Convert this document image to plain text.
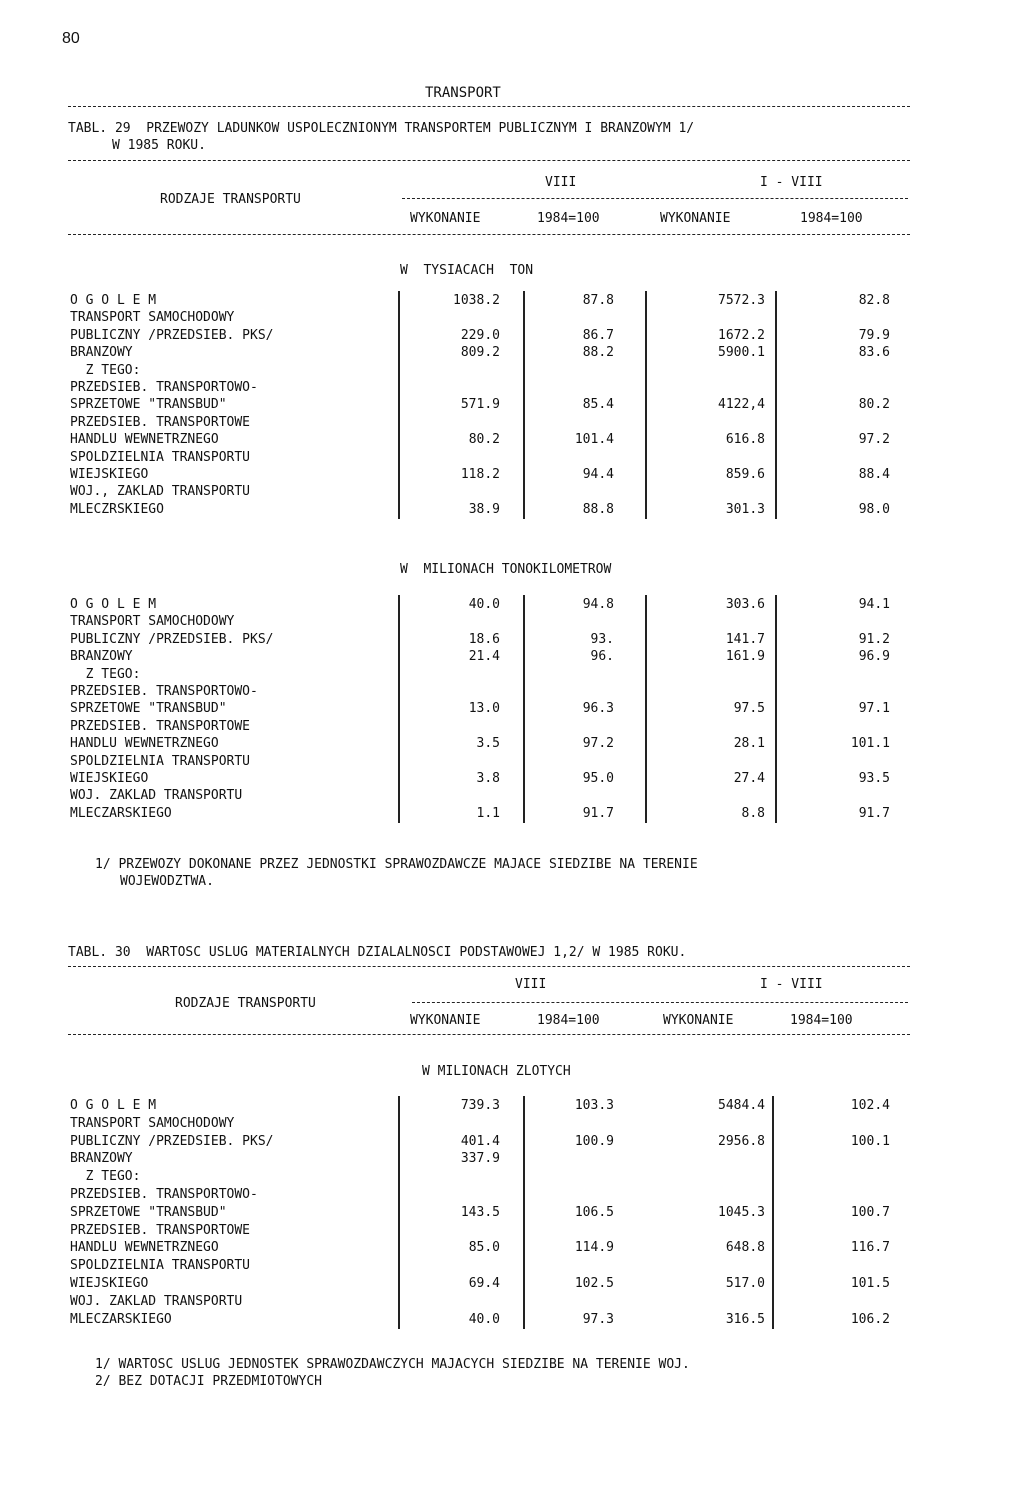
80
TRANSPORT
TABL. 29  PRZEWOZY LADUNKOW USPOLECZNIONYM TRANSPORTEM PUBLICZNYM I BRANZOWYM 1/
W 1985 ROKU.
VIII	I - VIII
RODZAJE TRANSPORTU
WYKONANIE	1984=100	WYKONANIE	1984=100
W  TYSIACACH  TON
O G O L E M	1038.2	87.8	7572.3	82.8
TRANSPORT SAMOCHODOWY
PUBLICZNY /PRZEDSIEB. PKS/	229.0	86.7	1672.2	79.9
BRANZOWY	809.2	88.2	5900.1	83.6
Z TEGO:
PRZEDSIEB. TRANSPORTOWO-
SPRZETOWE "TRANSBUD"	571.9	85.4	4122,4	80.2
PRZEDSIEB. TRANSPORTOWE
HANDLU WEWNETRZNEGO	80.2	101.4	616.8	97.2
SPOLDZIELNIA TRANSPORTU
WIEJSKIEGO	118.2	94.4	859.6	88.4
WOJ., ZAKLAD TRANSPORTU
MLECZRSKIEGO	38.9	88.8	301.3	98.0
W  MILIONACH TONOKILOMETROW
O G O L E M	40.0	94.8	303.6	94.1
TRANSPORT SAMOCHODOWY
PUBLICZNY /PRZEDSIEB. PKS/	18.6	93.	141.7	91.2
BRANZOWY	21.4	96.	161.9	96.9
Z TEGO:
PRZEDSIEB. TRANSPORTOWO-
SPRZETOWE "TRANSBUD"	13.0	96.3	97.5	97.1
PRZEDSIEB. TRANSPORTOWE
HANDLU WEWNETRZNEGO	3.5	97.2	28.1	101.1
SPOLDZIELNIA TRANSPORTU
WIEJSKIEGO	3.8	95.0	27.4	93.5
WOJ. ZAKLAD TRANSPORTU
MLECZARSKIEGO	1.1	91.7	8.8	91.7
1/ PRZEWOZY DOKONANE PRZEZ JEDNOSTKI SPRAWOZDAWCZE MAJACE SIEDZIBE NA TERENIE
WOJEWODZTWA.
TABL. 30  WARTOSC USLUG MATERIALNYCH DZIALALNOSCI PODSTAWOWEJ 1,2/ W 1985 ROKU.
VIII	I - VIII
RODZAJE TRANSPORTU
WYKONANIE	1984=100	WYKONANIE	1984=100
W MILIONACH ZLOTYCH
O G O L E M	739.3	103.3	5484.4	102.4
TRANSPORT SAMOCHODOWY
PUBLICZNY /PRZEDSIEB. PKS/	401.4	100.9	2956.8	100.1
BRANZOWY	337.9
Z TEGO:
PRZEDSIEB. TRANSPORTOWO-
SPRZETOWE "TRANSBUD"	143.5	106.5	1045.3	100.7
PRZEDSIEB. TRANSPORTOWE
HANDLU WEWNETRZNEGO	85.0	114.9	648.8	116.7
SPOLDZIELNIA TRANSPORTU
WIEJSKIEGO	69.4	102.5	517.0	101.5
WOJ. ZAKLAD TRANSPORTU
MLECZARSKIEGO	40.0	97.3	316.5	106.2
1/ WARTOSC USLUG JEDNOSTEK SPRAWOZDAWCZYCH MAJACYCH SIEDZIBE NA TERENIE WOJ.
2/ BEZ DOTACJI PRZEDMIOTOWYCH
